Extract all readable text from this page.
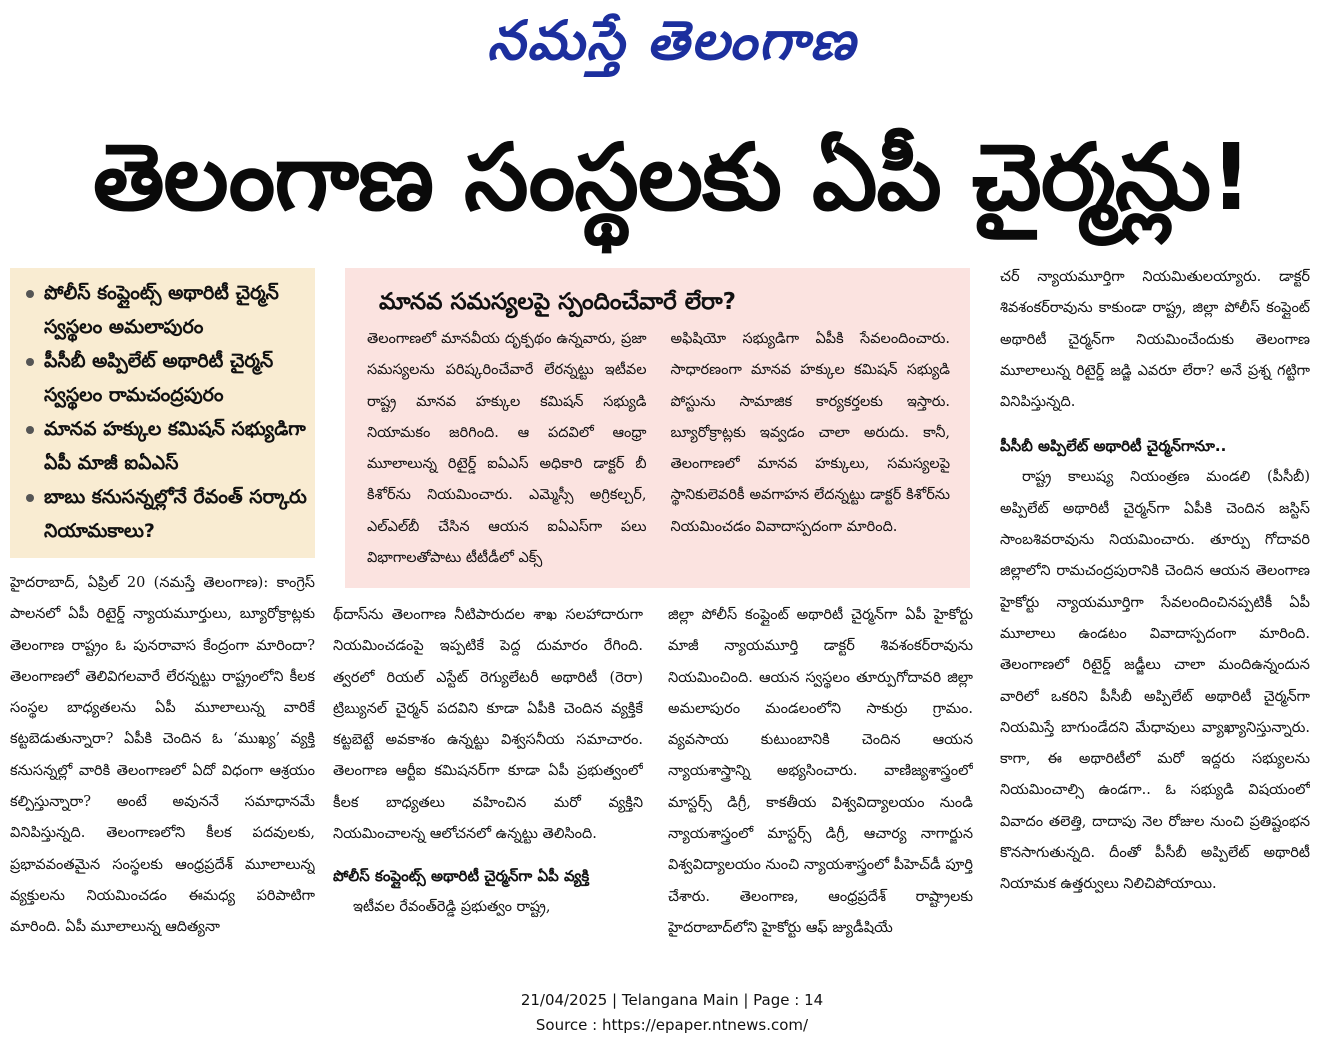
నమస్తే తెలంగాణ
తెలంగాణ సంస్థలకు ఏపీ చైర్మన్లు!
పోలీస్ కంప్లైంట్స్ అథారిటీ చైర్మన్ స్వస్థలం అమలాపురం
పీసీబీ అప్పిలేట్ అథారిటీ చైర్మన్ స్వస్థలం రామచంద్రపురం
మానవ హక్కుల కమిషన్ సభ్యుడిగా ఏపీ మాజీ ఐఏఎస్
బాబు కనుసన్నల్లోనే రేవంత్ సర్కారు నియామకాలు?
మానవ సమస్యలపై స్పందించేవారే లేరా?
తెలంగాణలో మానవీయ దృక్పథం ఉన్నవారు, ప్రజా సమస్యలను పరిష్కరించేవారే లేరన్నట్టు ఇటీవల రాష్ట్ర మానవ హక్కుల కమిషన్ సభ్యుడి నియామకం జరిగింది. ఆ పదవిలో ఆంధ్రా మూలాలున్న రిటైర్డ్ ఐఏఎస్ అధికారి డాక్టర్ బీ కిశోర్‌ను నియమించారు. ఎమ్మెస్సీ అగ్రికల్చర్, ఎల్ఎల్‌బీ చేసిన ఆయన ఐఏఎస్‌గా పలు విభాగాలతోపాటు టీటీడీలో ఎక్స్
అఫిషియో సభ్యుడిగా ఏపీకి సేవలందించారు. సాధారణంగా మానవ హక్కుల కమిషన్ సభ్యుడి పోస్టును సామాజిక కార్యకర్తలకు ఇస్తారు. బ్యూరోక్రాట్లకు ఇవ్వడం చాలా అరుదు. కానీ, తెలంగాణలో మానవ హక్కులు, సమస్యలపై స్థానికులెవరికీ అవగాహన లేదన్నట్టు డాక్టర్ కిశోర్‌ను నియమించడం వివాదాస్పదంగా మారింది.
హైదరాబాద్, ఏప్రిల్ 20 (నమస్తే తెలంగాణ): కాంగ్రెస్ పాలనలో ఏపీ రిటైర్డ్ న్యాయమూర్తులు, బ్యూరోక్రాట్లకు తెలంగాణ రాష్ట్రం ఓ పునరావాస కేంద్రంగా మారిందా? తెలంగాణలో తెలివిగలవారే లేరన్నట్టు రాష్ట్రంలోని కీలక సంస్థల బాధ్యతలను ఏపీ మూలాలున్న వారికే కట్టబెడుతున్నారా? ఏపీకి చెందిన ఓ ‘ముఖ్య’ వ్యక్తి కనుసన్నల్లో వారికి తెలంగాణలో ఏదో విధంగా ఆశ్రయం కల్పిస్తున్నారా? అంటే అవుననే సమాధానమే వినిపిస్తున్నది. తెలంగాణలోని కీలక పదవులకు, ప్రభావవంతమైన సంస్థలకు ఆంధ్రప్రదేశ్ మూలాలున్న వ్యక్తులను నియమించడం ఈమధ్య పరిపాటిగా మారింది. ఏపీ మూలాలున్న ఆదిత్యనా
థ్‌దాస్‌ను తెలంగాణ నీటిపారుదల శాఖ సలహాదారుగా నియమించడంపై ఇప్పటికే పెద్ద దుమారం రేగింది. త్వరలో రియల్ ఎస్టేట్ రెగ్యులేటరీ అథారిటీ (రెరా) ట్రిబ్యునల్ చైర్మన్ పదవిని కూడా ఏపీకి చెందిన వ్యక్తికే కట్టబెట్టే అవకాశం ఉన్నట్టు విశ్వసనీయ సమాచారం. తెలంగాణ ఆర్టీఐ కమిషనర్‌గా కూడా ఏపీ ప్రభుత్వంలో కీలక బాధ్యతలు వహించిన మరో వ్యక్తిని నియమించాలన్న ఆలోచనలో ఉన్నట్టు తెలిసింది.
పోలీస్ కంప్లైంట్స్ అథారిటీ చైర్మన్‌గా ఏపీ వ్యక్తి
ఇటీవల రేవంత్‌రెడ్డి ప్రభుత్వం రాష్ట్ర,
జిల్లా పోలీస్ కంప్లైంట్ అథారిటీ చైర్మన్‌గా ఏపీ హైకోర్టు మాజీ న్యాయమూర్తి డాక్టర్ శివశంకర్‌రావును నియమించింది. ఆయన స్వస్థలం తూర్పుగోదావరి జిల్లా అమలాపురం మండలంలోని సాకుర్రు గ్రామం. వ్యవసాయ కుటుంబానికి చెందిన ఆయన న్యాయశాస్త్రాన్ని అభ్యసించారు. వాణిజ్యశాస్త్రంలో మాస్టర్స్ డిగ్రీ, కాకతీయ విశ్వవిద్యాలయం నుండి న్యాయశాస్త్రంలో మాస్టర్స్ డిగ్రీ, ఆచార్య నాగార్జున విశ్వవిద్యాలయం నుంచి న్యాయశాస్త్రంలో పీహెచ్‌డీ పూర్తి చేశారు. తెలంగాణ, ఆంధ్రప్రదేశ్ రాష్ట్రాలకు హైదరాబాద్‌లోని హైకోర్టు ఆఫ్ జ్యుడీషియే
చర్ న్యాయమూర్తిగా నియమితులయ్యారు. డాక్టర్ శివశంకర్‌రావును కాకుండా రాష్ట్ర, జిల్లా పోలీస్ కంప్లైంట్ అథారిటీ చైర్మన్‌గా నియమించేందుకు తెలంగాణ మూలాలున్న రిటైర్డ్ జడ్జి ఎవరూ లేరా? అనే ప్రశ్న గట్టిగా వినిపిస్తున్నది.
పీసీబీ అప్పిలేట్ అథారిటీ చైర్మన్‌గానూ..
రాష్ట్ర కాలుష్య నియంత్రణ మండలి (పీసీబీ) అప్పిలేట్ అథారిటీ చైర్మన్‌గా ఏపీకి చెందిన జస్టిస్ సాంబశివరావును నియమించారు. తూర్పు గోదావరి జిల్లాలోని రామచంద్రపురానికి చెందిన ఆయన తెలంగాణ హైకోర్టు న్యాయమూర్తిగా సేవలందించినప్పటికీ ఏపీ మూలాలు ఉండటం వివాదాస్పదంగా మారింది. తెలంగాణలో రిటైర్డ్ జడ్జీలు చాలా మందిఉన్నందున వారిలో ఒకరిని పీసీబీ అప్పిలేట్ అథారిటీ చైర్మన్‌గా నియమిస్తే బాగుండేదని మేధావులు వ్యాఖ్యానిస్తున్నారు. కాగా, ఈ అథారిటీలో మరో ఇద్దరు సభ్యులను నియమించాల్సి ఉండగా.. ఓ సభ్యుడి విషయంలో వివాదం తలెత్తి, దాదాపు నెల రోజుల నుంచి ప్రతిష్టంభన కొనసాగుతున్నది. దీంతో పీసీబీ అప్పిలేట్ అథారిటీ నియామక ఉత్తర్వులు నిలిచిపోయాయి.
21/04/2025 | Telangana Main | Page : 14
Source : https://epaper.ntnews.com/
